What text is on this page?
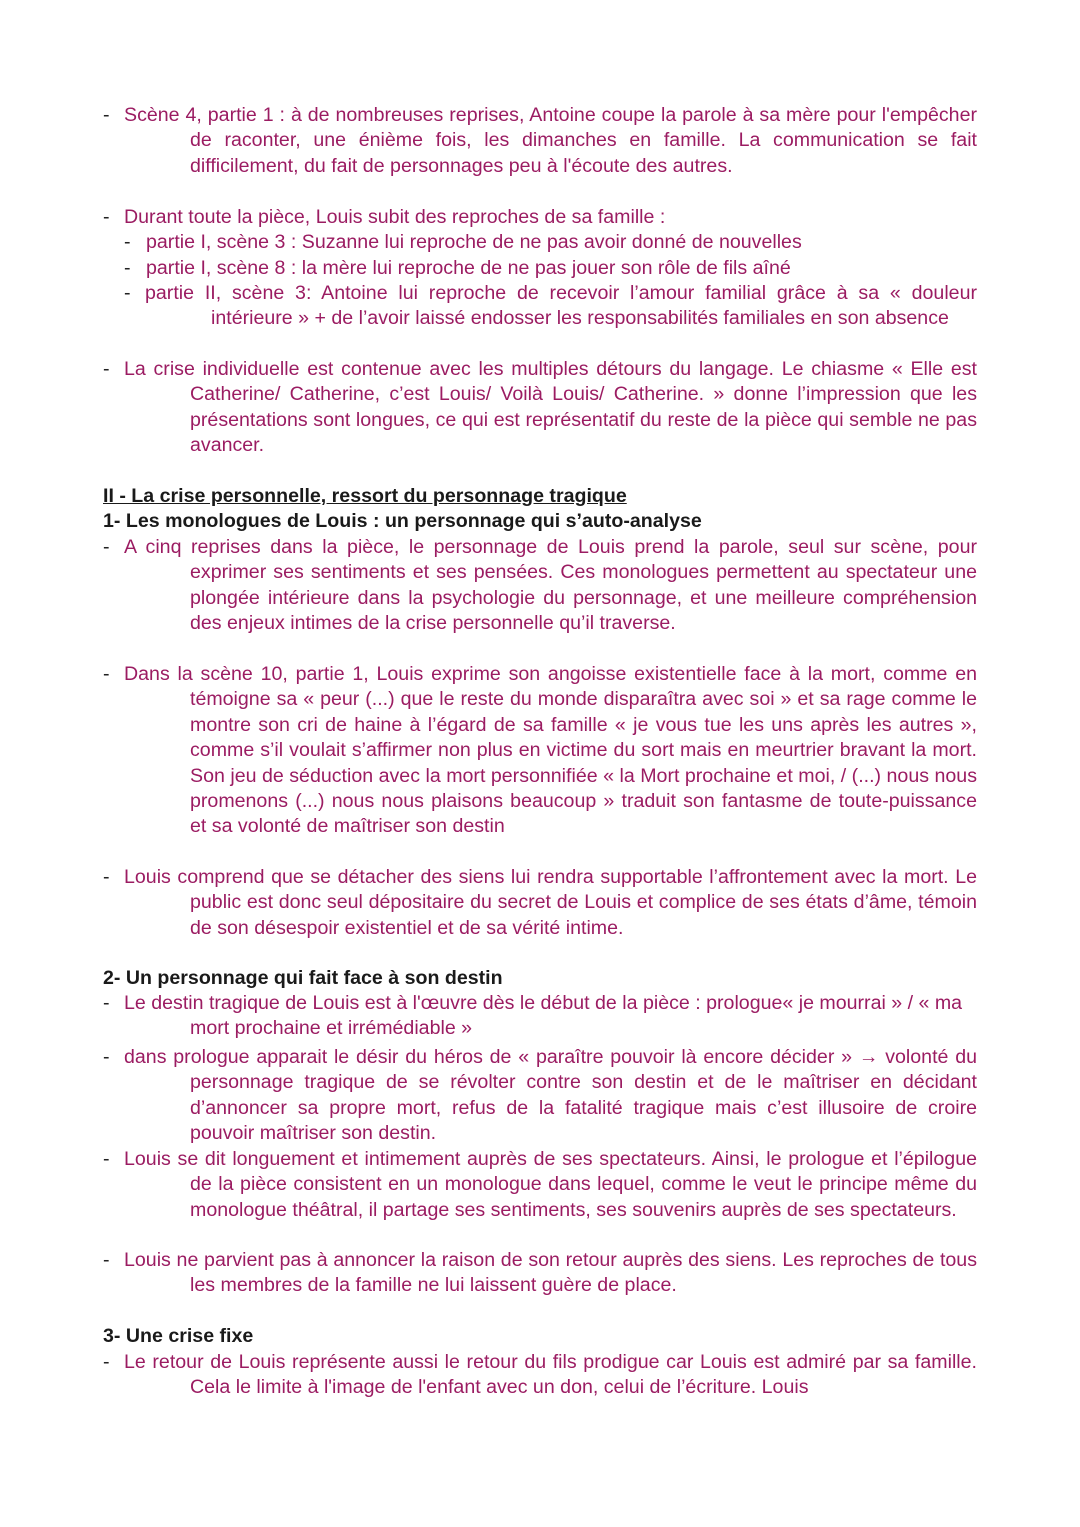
- Scène 4, partie 1 : à de nombreuses reprises, Antoine coupe la parole à sa mère pour l'empêcher de raconter, une énième fois, les dimanches en famille. La communication se fait difficilement, du fait de personnages peu à l'écoute des autres.
- Durant toute la pièce, Louis subit des reproches de sa famille :
- partie I, scène 3 : Suzanne lui reproche de ne pas avoir donné de nouvelles
- partie I, scène 8 : la mère lui reproche de ne pas jouer son rôle de fils aîné
- partie II, scène 3: Antoine lui reproche de recevoir l’amour familial grâce à sa « douleur intérieure » + de l’avoir laissé endosser les responsabilités familiales en son absence
- La crise individuelle est contenue avec les multiples détours du langage. Le chiasme « Elle est Catherine/ Catherine, c’est Louis/ Voilà Louis/ Catherine. » donne l’impression que les présentations sont longues, ce qui est représentatif du reste de la pièce qui semble ne pas avancer.
II - La crise personnelle, ressort du personnage tragique
1- Les monologues de Louis : un personnage qui s’auto-analyse
- A cinq reprises dans la pièce, le personnage de Louis prend la parole, seul sur scène, pour exprimer ses sentiments et ses pensées. Ces monologues permettent au spectateur une plongée intérieure dans la psychologie du personnage, et une meilleure compréhension des enjeux intimes de la crise personnelle qu’il traverse.
- Dans la scène 10, partie 1, Louis exprime son angoisse existentielle face à la mort, comme en témoigne sa « peur (...) que le reste du monde disparaîtra avec soi » et sa rage comme le montre son cri de haine à l’égard de sa famille « je vous tue les uns après les autres », comme s’il voulait s’affirmer non plus en victime du sort mais en meurtrier bravant la mort. Son jeu de séduction avec la mort personnifiée « la Mort prochaine et moi, / (...) nous nous promenons (...) nous nous plaisons beaucoup » traduit son fantasme de toute-puissance et sa volonté de maîtriser son destin
- Louis comprend que se détacher des siens lui rendra supportable l’affrontement avec la mort. Le public est donc seul dépositaire du secret de Louis et complice de ses états d’âme, témoin de son désespoir existentiel et de sa vérité intime.
2- Un personnage qui fait face à son destin
- Le destin tragique de Louis est à l'œuvre dès le début de la pièce : prologue« je mourrai » / « ma mort prochaine et irrémédiable »
- dans prologue apparait le désir du héros de « paraître pouvoir là encore décider » → volonté du personnage tragique de se révolter contre son destin et de le maîtriser en décidant d’annoncer sa propre mort, refus de la fatalité tragique mais c’est illusoire de croire pouvoir maîtriser son destin.
- Louis se dit longuement et intimement auprès de ses spectateurs. Ainsi, le prologue et l’épilogue de la pièce consistent en un monologue dans lequel, comme le veut le principe même du monologue théâtral, il partage ses sentiments, ses souvenirs auprès de ses spectateurs.
- Louis ne parvient pas à annoncer la raison de son retour auprès des siens. Les reproches de tous les membres de la famille ne lui laissent guère de place.
3- Une crise fixe
- Le retour de Louis représente aussi le retour du fils prodigue car Louis est admiré par sa famille. Cela le limite à l'image de l'enfant avec un don, celui de l’écriture. Louis
